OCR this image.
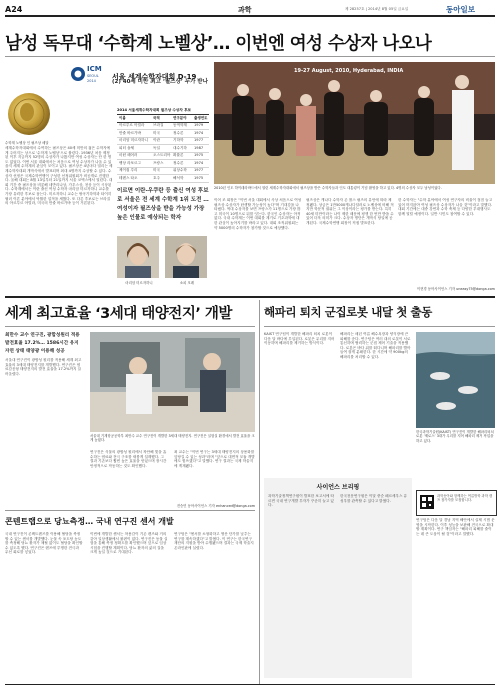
A24	과학	제 28257호 | 2014년 8월 05일 금요일	동아일보
남성 독무대 ‘수학계 노벨상’… 이번엔 여성 수상자 나오나
ICM
SEOUL
2014 서울 세계수학자대회 D-19
(2) 40세 미만 최고 ‘필즈상’ 누가 받나
수학계 노벨상 인 필즈상 메달
세계수학자대회에서 수여하는 필즈상은 40세 미만의 젊은 수학자에게 주어지는 상으로 '수학계 노벨상'으로 불린다. 1936년 처음 제정된 이후 지금까지 52명의 수상자가 나왔지만 여성 수상자는 단 한 명도 없었다. 이번 서울 대회에서는 처음으로 여성 수상자가 나올 수 있을지 세계 수학계의 관심이 모이고 있다. 필즈상은 4년마다 열리는 세계수학자대회 개막식에서 발표되며 최대 4명까지 수상할 수 있다. 수상자 선정은 국제수학연맹이 구성한 선정위원회가 비공개로 진행한다. 올해 대회는 8월 13일부터 21일까지 서울 코엑스에서 열린다. 대회 기간 중 필즈상을 비롯해 네반리나상, 가우스상, 천상 등이 시상된다. 수학계에서는 이란 출신 여성 수학자 마리암 미르자하니 교수를 가장 유력한 후보로 꼽는다. 미르자하니 교수는 쌍곡기하학과 타이히뮐러 이론 분야에서 탁월한 업적을 세웠다. 또 다른 후보로는 브라질의 아르투르 아빌라, 미국의 만줄 바르가바 등이 거론된다.
2014 서울세계수학자대회 필즈상 수상자 후보
이름	국적	연구분야 출생연도
아르투르 아빌라 브라질	동역학계 1979
만줄 바르가바	미국	정수론	1974
마리암 미르자하니 이란	기하학	1977
피터 숄체	독일	대수기하 1987
마틴 헤어러	오스트리아 확률론	1975
뱅상 라포르그	프랑스	정수론	1974
제이컵 루리	미국	위상수학 1977
테렌스 타오	호주	해석학	1975
19-27 August, 2010, Hyderabad, INDIA
2010년 인도 하이데라바드에서 열린 세계수학자대회에서 필즈상을 받은 수학자들과 인도 대통령이 기념 촬영을 하고 있다. 4명의 수상자 모두 남성이었다.
이르면 이란-우쿠란 등 출신 여성 후보로 서울은 전 세계 수학계 1위 도전 … 여성이자 필즈상을 받을 가능성 가장 높은 인물로 예상되는 학자
마리암 미르자하니	소피 모레
이어 조 회장은 "이번 서울 대회에서 사상 처음으로 여성 필즈상 수상자가 탄생할 가능성이 높다"며 기대감을 나타냈다. 역대 수상자를 보면 프랑스가 11명으로 가장 많고 미국이 10명으로 뒤를 잇는다. 한국인 수상자는 아직 없다. 국내 수학계는 이번 대회를 계기로 기초과학에 대한 관심이 높아지기를 바라고 있다. 대회 조직위원회는 약 5000명의 수학자가 참가할 것으로 예상했다.
필즈상은 캐나다 수학자 존 찰스 필즈의 유언에 따라 제정됐다. 상금은 1만5000캐나다달러로 노벨상에 비해 적지만 학문적 권위는 그 이상이라는 평가를 받는다. 특히 40세 미만이라는 나이 제한 때문에 평생 한 번만 받을 수 있어 더욱 의미가 크다. 수상자 명단은 개막식 당일에 공개된다. 국제수학연맹 회장이 직접 발표한다.
한 수학자는 "수학 분야에서 여성 연구자의 비율이 점점 늘고 있어 머지않아 여성 필즈상 수상자가 나올 것"이라고 말했다. 대회 기간에는 대중 강연과 수학 축제 등 다양한 부대행사도 함께 열릴 예정이다. 일반 시민도 참여할 수 있다.
이현경 동아사이언스 기자 uneasy75@donga.com
세계 최고효율 ‘3세대 태양전지’ 개발
최만수 교수 연구진, 광합성원리 적용
발전효율 17.2%… 1586시간 유지
자연 상태 태양광 이용해 성공
서울대 연구진이 광합성 원리를 적용해 세계 최고 효율의 3세대 태양전지를 개발했다. 연구진은 염료감응형 태양전지의 발전 효율을 17.2%까지 끌어올렸다.
서울대 기계항공공학부 최만수 교수 연구진이 개발한 3세대 태양전지. 연구진은 실험실 환경에서 발전 효율을 크게 높였다.
연구진은 식물의 광합성 원리에서 착안해 빛을 흡수하는 염료와 전극 구조를 새롭게 설계했다. 그 결과 기존보다 훨씬 높은 효율을 얻었으며 장시간 안정적으로 작동하는 것도 확인했다.
최 교수는 "이번 연구는 3세대 태양전지의 상용화를 앞당길 수 있는 성과"라며 "앞으로 대면적 모듈 개발에도 힘쓰겠다"고 말했다. 연구 결과는 국제 학술지에 게재됐다.
전승민 동아사이언스 기자 enhanced@donga.com
콘텐트랩으로 당뇨측정… 국내 연구진 센서 개발
국내 연구진이 콘택트렌즈를 이용해 혈당을 측정할 수 있는 센서를 개발했다. 눈물 속 포도당 농도를 측정해 당뇨 환자가 채혈 없이도 혈당을 확인할 수 있도록 했다. 연구진은 렌즈에 투명한 전극과 무선 회로를 넣었다.
이번에 개발한 센서는 착용감이 기존 렌즈와 거의 같아 일상생활에서 불편이 없다. 연구진은 동물 실험을 통해 측정 정확도를 확인했으며 앞으로 임상시험을 진행할 계획이다. 당뇨 환자의 삶의 질을 크게 높일 것으로 기대된다.
연구팀은 "센서를 소형화하고 생산 단가를 낮추는 연구를 계속하겠다"고 밝혔다. 이 연구는 한국연구재단의 지원을 받아 수행됐으며 결과는 국제 학술지 온라인판에 실렸다.
해파리 퇴치 군집로봇 내달 첫 출동
KAIST 연구팀이 개발한 해파리 퇴치 로봇이 다음 달 바다에 투입된다. 로봇은 무리를 지어 이동하며 해파리를 제거하는 방식이다.
해파리는 매년 여름 해수욕장과 양식장에 큰 피해를 준다. 연구팀은 여러 대의 로봇이 서로 통신하며 협력하는 군집 제어 기술을 적용했다. 로봇은 바다 위를 떠다니며 해파리를 빨아들여 잘게 분쇄한다. 한 시간에 약 900kg의 해파리를 처리할 수 있다.
한국과학기술원(KAIST) 연구진이 개발한 해파리퇴치로봇 ‘제로스’ 3대가 무리를 지어 해파리 제거 작업을 하고 있다.
과학동아와 함께하는 여름방학 과학 캠프 참가자를 모집합니다.
사이언스 브리핑
과학기술정책연구원이 발표한 보고서에 따르면 국내 연구개발 투자가 꾸준히 늘고 있다.
한국천문연구원은 이달 중순 페르세우스 유성우를 관측할 수 있다고 밝혔다.
연구팀은 다음 달 경남 지역 해안에서 실제 시범 운영을 시작한다. 이후 성능을 보완해 전국으로 확대할 계획이다. 연구 책임자는 "해파리 피해를 줄이는 데 큰 도움이 될 것"이라고 말했다.
